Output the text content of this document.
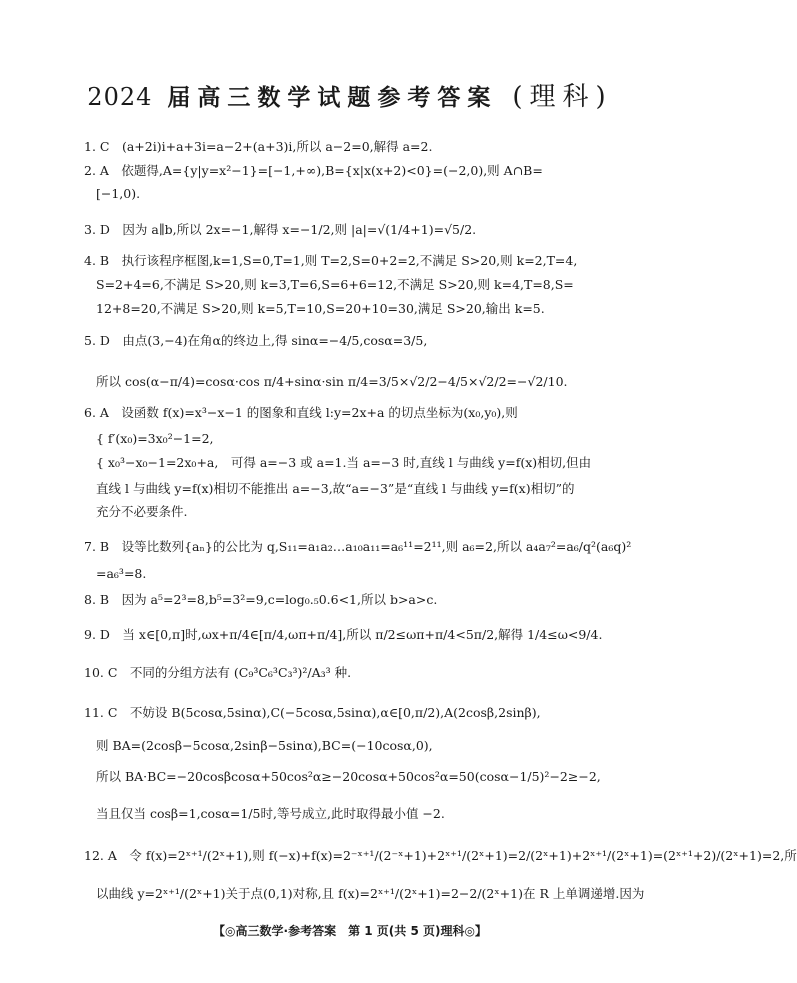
2024 届高三数学试题参考答案 (理科)
1. C　(a+2i)i+a+3i=a−2+(a+3)i,所以 a−2=0,解得 a=2.
2. A　依题得,A={y|y=x²−1}=[−1,+∞),B={x|x(x+2)<0}=(−2,0),则 A∩B=
[−1,0).
3. D　因为 a∥b,所以 2x=−1,解得 x=−1/2,则 |a|=√(1/4+1)=√5/2.
4. B　执行该程序框图,k=1,S=0,T=1,则 T=2,S=0+2=2,不满足 S>20,则 k=2,T=4,
S=2+4=6,不满足 S>20,则 k=3,T=6,S=6+6=12,不满足 S>20,则 k=4,T=8,S=
12+8=20,不满足 S>20,则 k=5,T=10,S=20+10=30,满足 S>20,输出 k=5.
5. D　由点(3,−4)在角α的终边上,得 sinα=−4/5,cosα=3/5,
所以 cos(α−π/4)=cosα·cos π/4+sinα·sin π/4=3/5×√2/2−4/5×√2/2=−√2/10.
6. A　设函数 f(x)=x³−x−1 的图象和直线 l:y=2x+a 的切点坐标为(x₀,y₀),则
{ f′(x₀)=3x₀²−1=2,
{ x₀³−x₀−1=2x₀+a,　可得 a=−3 或 a=1.当 a=−3 时,直线 l 与曲线 y=f(x)相切,但由
直线 l 与曲线 y=f(x)相切不能推出 a=−3,故“a=−3”是“直线 l 与曲线 y=f(x)相切”的
充分不必要条件.
7. B　设等比数列{aₙ}的公比为 q,S₁₁=a₁a₂…a₁₀a₁₁=a₆¹¹=2¹¹,则 a₆=2,所以 a₄a₇²=a₆/q²(a₆q)²
=a₆³=8.
8. B　因为 a⁵=2³=8,b⁵=3²=9,c=log₀.₅0.6<1,所以 b>a>c.
9. D　当 x∈[0,π]时,ωx+π/4∈[π/4,ωπ+π/4],所以 π/2≤ωπ+π/4<5π/2,解得 1/4≤ω<9/4.
10. C　不同的分组方法有 (C₉³C₆³C₃³)²/A₃³ 种.
11. C　不妨设 B(5cosα,5sinα),C(−5cosα,5sinα),α∈[0,π/2),A(2cosβ,2sinβ),
则 BA=(2cosβ−5cosα,2sinβ−5sinα),BC=(−10cosα,0),
所以 BA·BC=−20cosβcosα+50cos²α≥−20cosα+50cos²α=50(cosα−1/5)²−2≥−2,
当且仅当 cosβ=1,cosα=1/5时,等号成立,此时取得最小值 −2.
12. A　令 f(x)=2ˣ⁺¹/(2ˣ+1),则 f(−x)+f(x)=2⁻ˣ⁺¹/(2⁻ˣ+1)+2ˣ⁺¹/(2ˣ+1)=2/(2ˣ+1)+2ˣ⁺¹/(2ˣ+1)=(2ˣ⁺¹+2)/(2ˣ+1)=2,所
以曲线 y=2ˣ⁺¹/(2ˣ+1)关于点(0,1)对称,且 f(x)=2ˣ⁺¹/(2ˣ+1)=2−2/(2ˣ+1)在 R 上单调递增.因为
【◎高三数学·参考答案　第 1 页(共 5 页)理科◎】
